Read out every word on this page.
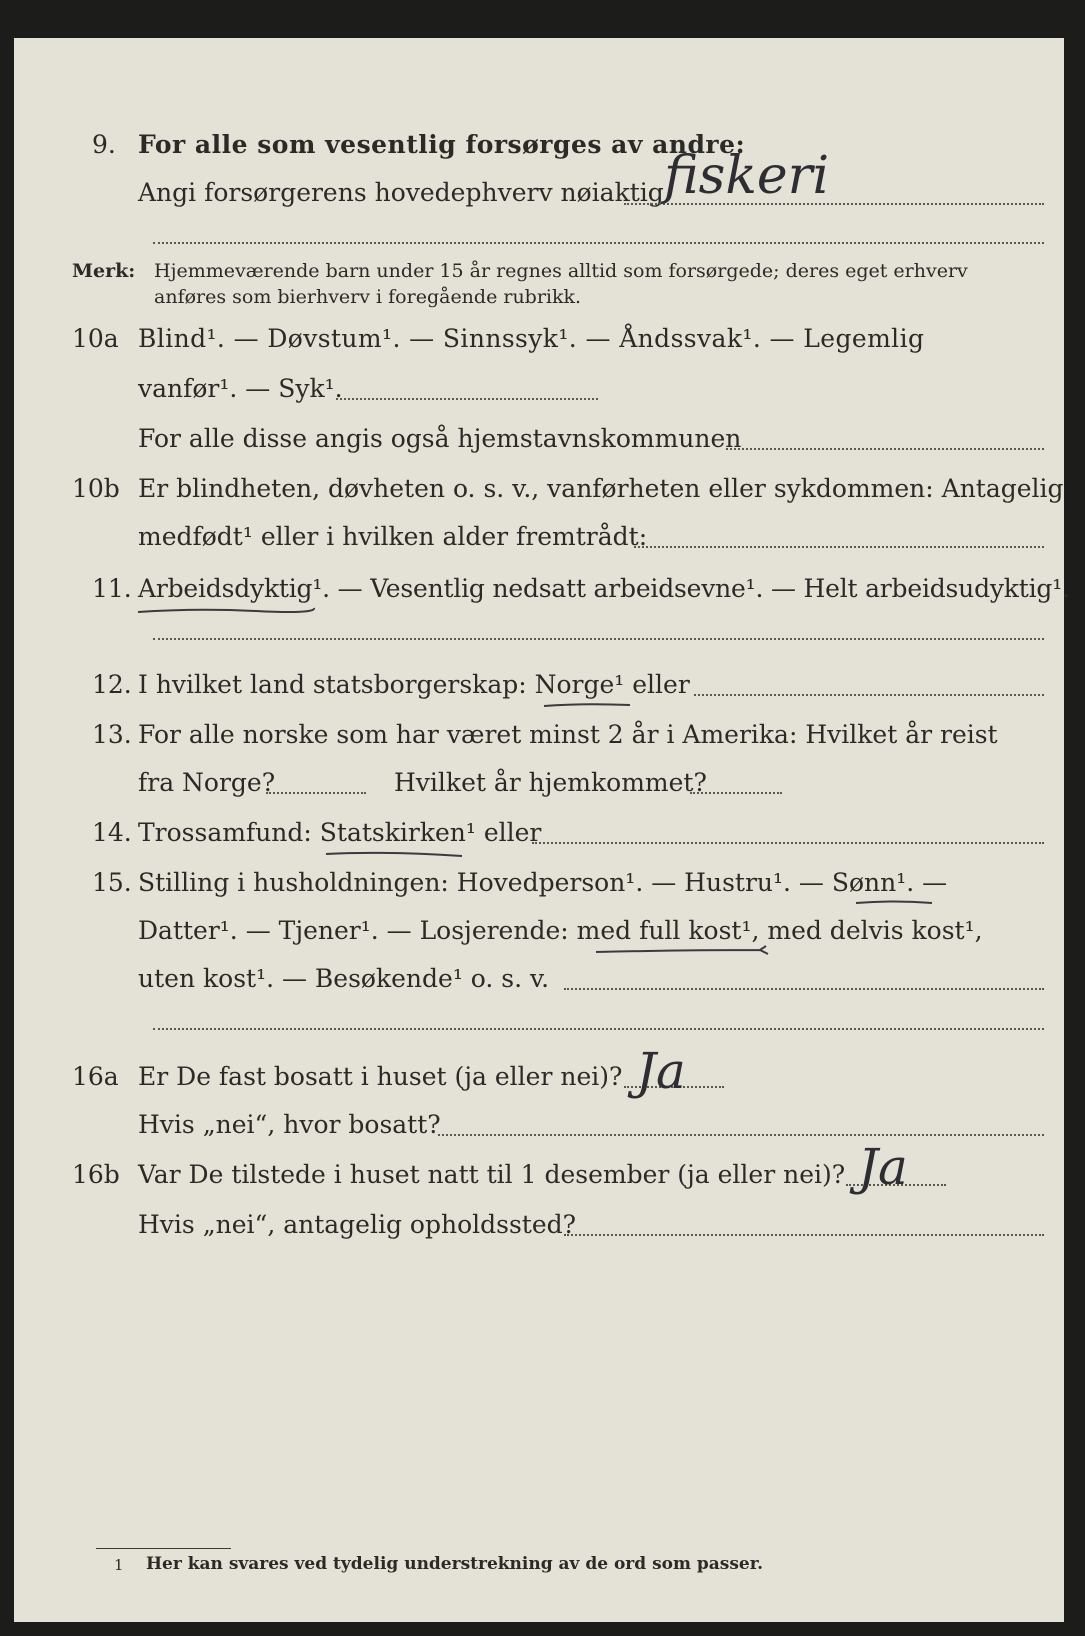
9. For alle som vesentlig forsørges av andre:
Angi forsørgerens hovedерhverv nøiaktig fiskeri
Merk: Hjemmeværende barn under 15 år regnes alltid som forsørgede; deres eget erhverv
anføres som bierhverv i foregående rubrikk.
10a Blind¹. — Døvstum¹. — Sinnssyk¹. — Åndssvak¹. — Legemlig
vanfør¹. — Syk¹.
For alle disse angis også hjemstavnskommunen
10b Er blindheten, døvheten o. s. v., vanførheten eller sykdommen: Antagelig
medfødt¹ eller i hvilken alder fremtrådt:
11. Arbeidsdyktig¹. — Vesentlig nedsatt arbeidsevne¹. — Helt arbeidsudyktig¹.
12. I hvilket land statsborgerskap: Norge¹ eller
13. For alle norske som har været minst 2 år i Amerika: Hvilket år reist
fra Norge?	Hvilket år hjemkommet?
14. Trossamfund: Statskirken¹ eller
15. Stilling i husholdningen: Hovedperson¹. — Hustru¹. — Sønn¹. —
Datter¹. — Tjener¹. — Losjerende: med full kost¹, med delvis kost¹,
uten kost¹. — Besøkende¹ o. s. v.
16a Er De fast bosatt i huset (ja eller nei)? Ja
Hvis „nei“, hvor bosatt?
16b Var De tilstede i huset natt til 1 desember (ja eller nei)? Ja
Hvis „nei“, antagelig opholdssted?
1 Her kan svares ved tydelig understrekning av de ord som passer.
